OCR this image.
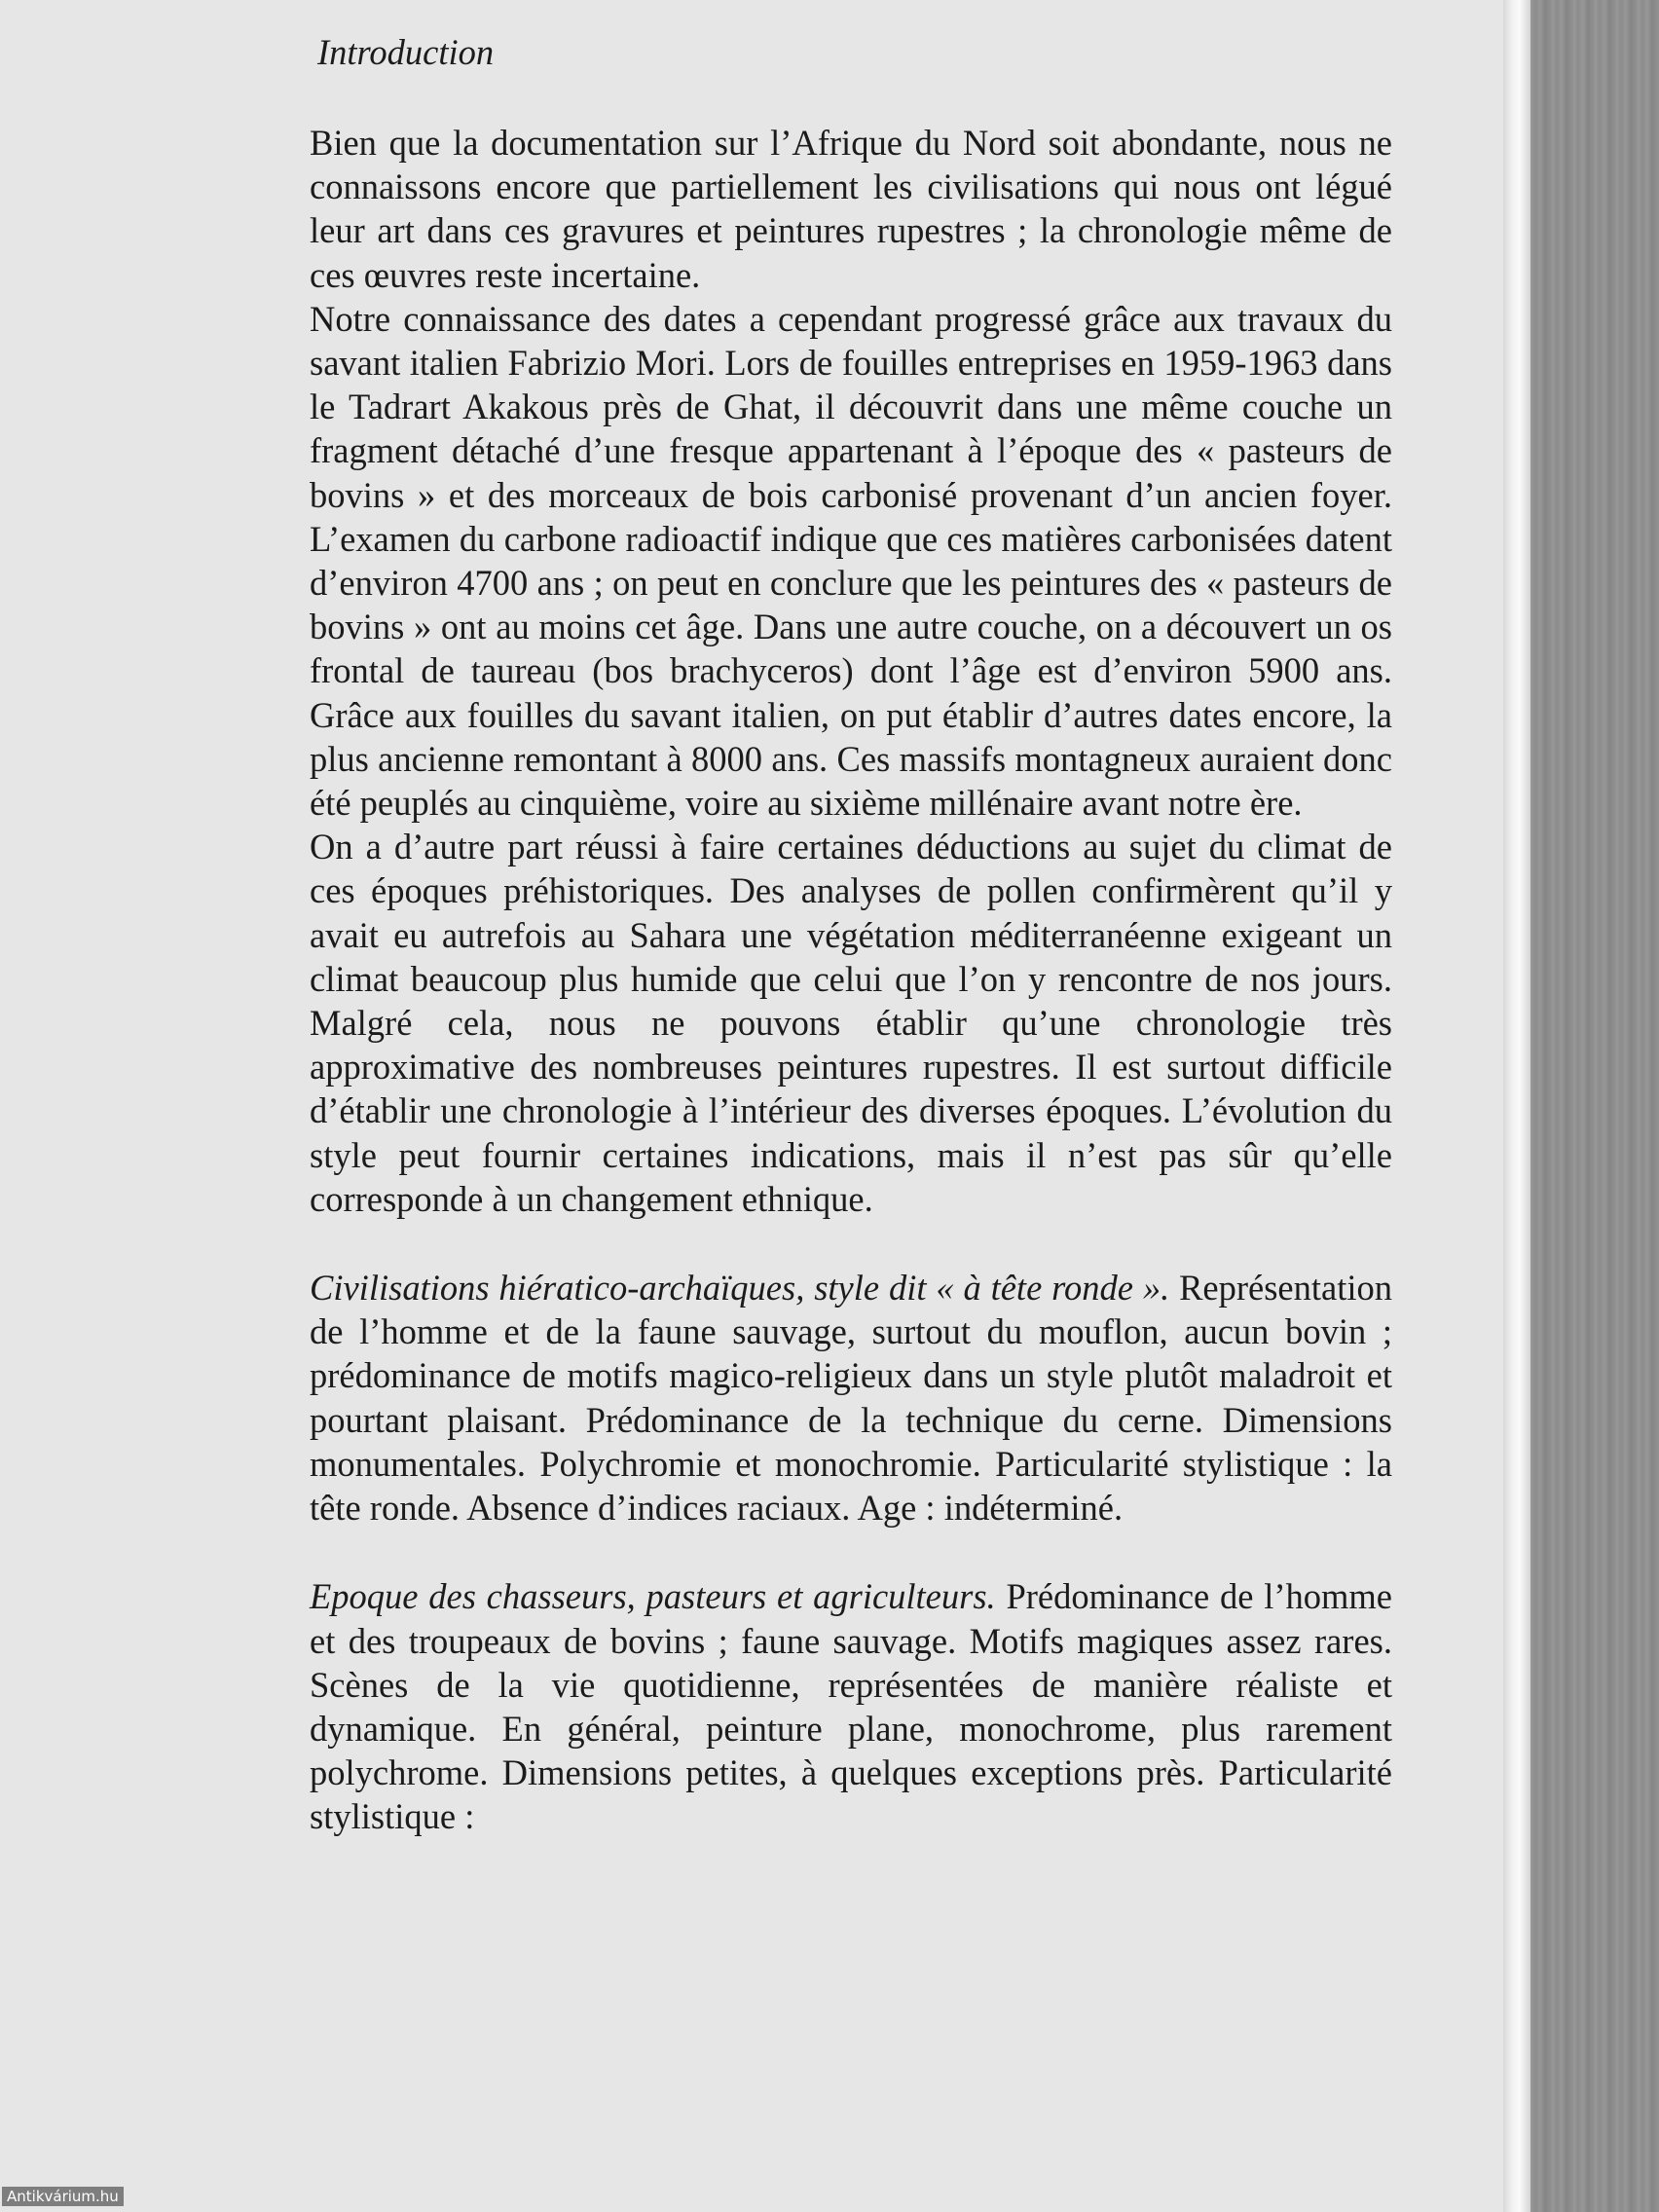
Introduction

Bien que la documentation sur l’Afrique du Nord soit abondante, nous ne connaissons encore que partiellement les civilisations qui nous ont légué leur art dans ces gravures et peintures rupestres ; la chronologie même de ces œuvres reste incertaine.

Notre connaissance des dates a cependant progressé grâce aux travaux du savant italien Fabrizio Mori. Lors de fouilles entreprises en 1959-1963 dans le Tadrart Akakous près de Ghat, il découvrit dans une même couche un fragment détaché d’une fresque appartenant à l’époque des « pasteurs de bovins » et des morceaux de bois carbonisé provenant d’un ancien foyer. L’examen du carbone radioactif indique que ces matières carbonisées datent d’environ 4700 ans ; on peut en conclure que les peintures des « pasteurs de bovins » ont au moins cet âge. Dans une autre couche, on a découvert un os frontal de taureau (bos brachyceros) dont l’âge est d’environ 5900 ans. Grâce aux fouilles du savant italien, on put établir d’autres dates encore, la plus ancienne remontant à 8000 ans. Ces massifs montagneux auraient donc été peuplés au cinquième, voire au sixième millénaire avant notre ère.

On a d’autre part réussi à faire certaines déductions au sujet du climat de ces époques préhistoriques. Des analyses de pollen confirmèrent qu’il y avait eu autrefois au Sahara une végétation méditerranéenne exigeant un climat beaucoup plus humide que celui que l’on y rencontre de nos jours. Malgré cela, nous ne pouvons établir qu’une chronologie très approximative des nombreuses peintures rupestres. Il est surtout difficile d’établir une chronologie à l’intérieur des diverses époques. L’évolution du style peut fournir certaines indications, mais il n’est pas sûr qu’elle corresponde à un changement ethnique.

Civilisations hiératico-archaïques, style dit « à tête ronde ». Représentation de l’homme et de la faune sauvage, surtout du mouflon, aucun bovin ; prédominance de motifs magico-religieux dans un style plutôt maladroit et pourtant plaisant. Prédominance de la technique du cerne. Dimensions monumentales. Polychromie et monochromie. Particularité stylistique : la tête ronde. Absence d’indices raciaux. Age : indéterminé.

Epoque des chasseurs, pasteurs et agriculteurs. Prédominance de l’homme et des troupeaux de bovins ; faune sauvage. Motifs magiques assez rares. Scènes de la vie quotidienne, représentées de manière réaliste et dynamique. En général, peinture plane, monochrome, plus rarement polychrome. Dimensions petites, à quelques exceptions près. Particularité stylistique :

Antikvárium.hu
